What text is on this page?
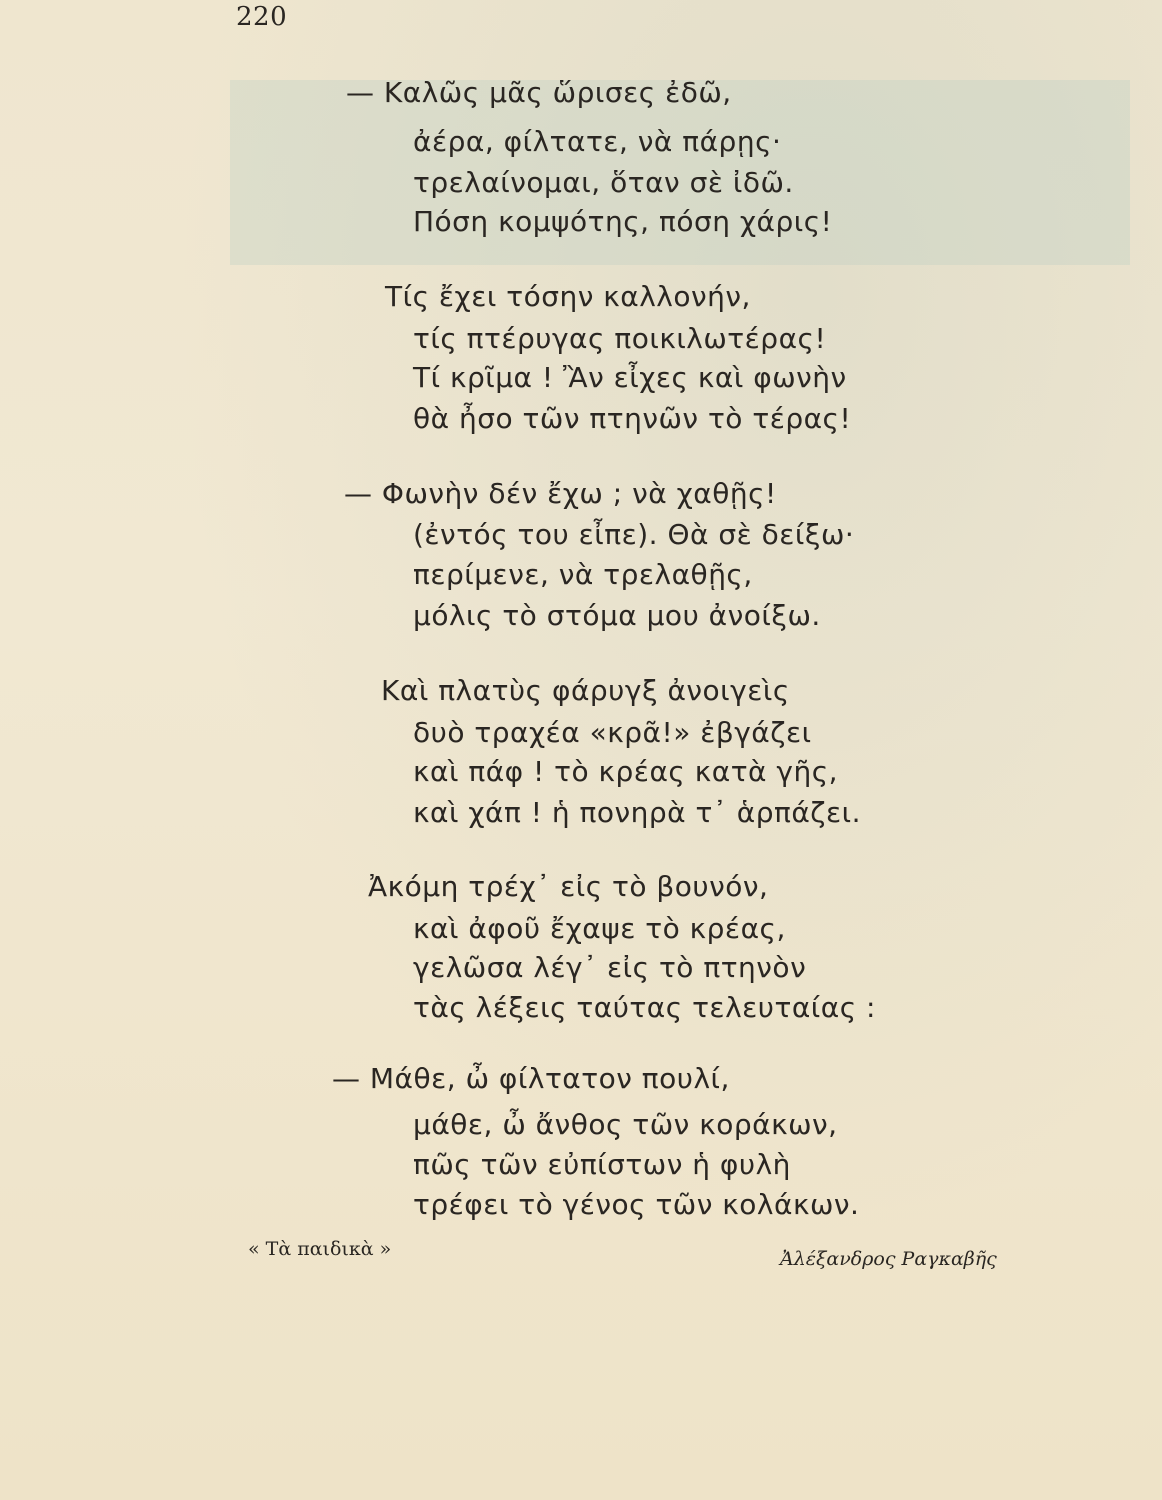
220
— Καλῶς μᾶς ὥρισες ἐδῶ,
ἀέρα, φίλτατε, νὰ πάρῃς·
τρελαίνομαι, ὅταν σὲ ἰδῶ.
Πόση κομψότης, πόση χάρις!
Τίς ἔχει τόσην καλλονήν,
τίς πτέρυγας ποικιλωτέρας!
Τί κρῖμα ! Ἂν εἶχες καὶ φωνὴν
θὰ ἦσο τῶν πτηνῶν τὸ τέρας!
— Φωνὴν δέν ἔχω ; νὰ χαθῇς!
(ἐντός του εἶπε). Θὰ σὲ δείξω·
περίμενε, νὰ τρελαθῇς,
μόλις τὸ στόμα μου ἀνοίξω.
Καὶ πλατὺς φάρυγξ ἀνοιγεὶς
δυὸ τραχέα «κρᾶ!» ἐβγάζει
καὶ πάφ ! τὸ κρέας κατὰ γῆς,
καὶ χάπ ! ἡ πονηρὰ τ᾽ ἁρπάζει.
Ἀκόμη τρέχ᾽ εἰς τὸ βουνόν,
καὶ ἀφοῦ ἔχαψε τὸ κρέας,
γελῶσα λέγ᾽ εἰς τὸ πτηνὸν
τὰς λέξεις ταύτας τελευταίας :
— Μάθε, ὦ φίλτατον πουλί,
μάθε, ὦ ἄνθος τῶν κοράκων,
πῶς τῶν εὐπίστων ἡ φυλὴ
τρέφει τὸ γένος τῶν κολάκων.
« Τὰ παιδικὰ »	Ἀλέξανδρος Ραγκαβῆς
